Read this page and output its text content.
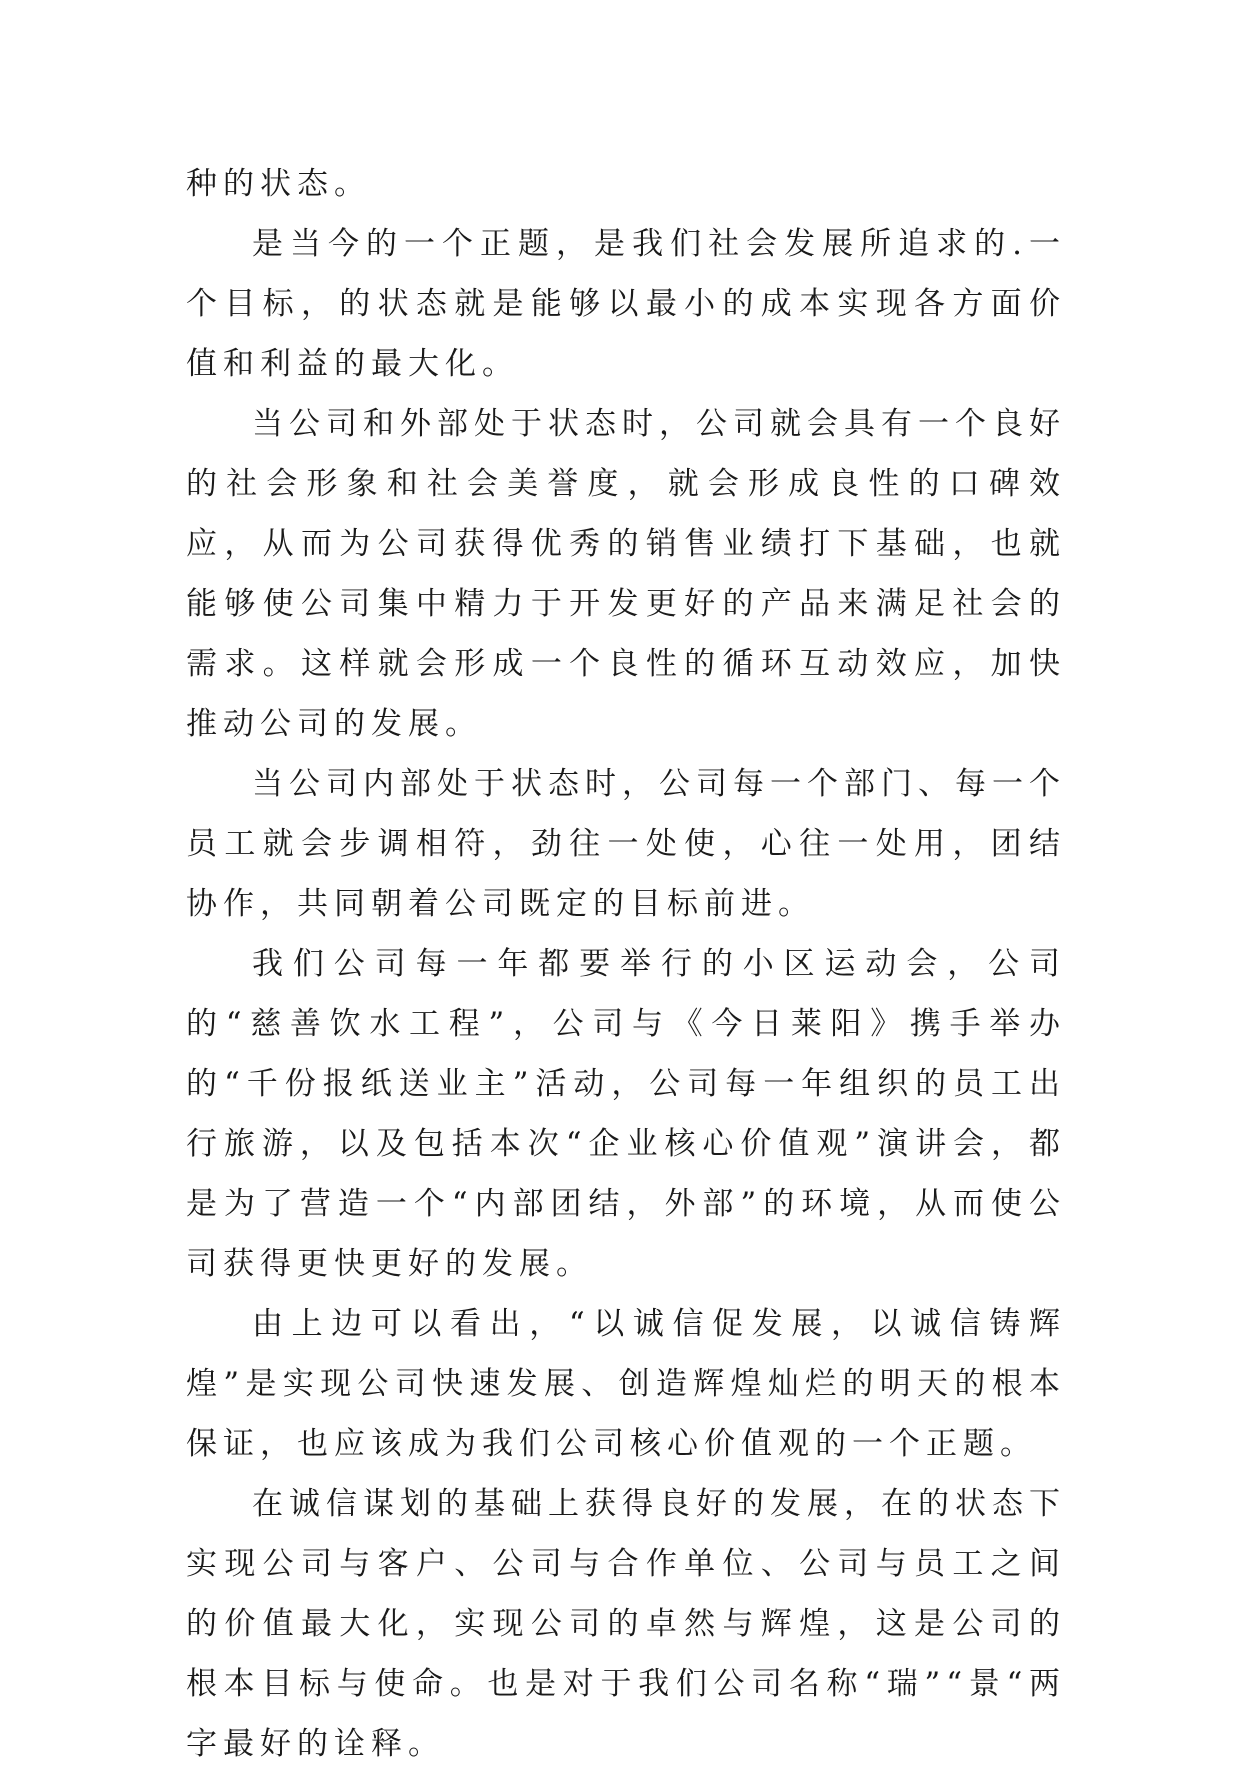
种的状态。

是当今的一个正题，是我们社会发展所追求的.一个目标，的状态就是能够以最小的成本实现各方面价值和利益的最大化。

当公司和外部处于状态时，公司就会具有一个良好的社会形象和社会美誉度，就会形成良性的口碑效应，从而为公司获得优秀的销售业绩打下基础，也就能够使公司集中精力于开发更好的产品来满足社会的需求。这样就会形成一个良性的循环互动效应，加快推动公司的发展。

当公司内部处于状态时，公司每一个部门、每一个员工就会步调相符，劲往一处使，心往一处用，团结协作，共同朝着公司既定的目标前进。

我们公司每一年都要举行的小区运动会，公司的“慈善饮水工程”，公司与《今日莱阳》携手举办的“千份报纸送业主”活动，公司每一年组织的员工出行旅游，以及包括本次“企业核心价值观”演讲会，都是为了营造一个“内部团结，外部”的环境，从而使公司获得更快更好的发展。

由上边可以看出，“以诚信促发展，以诚信铸辉煌”是实现公司快速发展、创造辉煌灿烂的明天的根本保证，也应该成为我们公司核心价值观的一个正题。

在诚信谋划的基础上获得良好的发展，在的状态下实现公司与客户、公司与合作单位、公司与员工之间的价值最大化，实现公司的卓然与辉煌，这是公司的根本目标与使命。也是对于我们公司名称“瑞”“景“两字最好的诠释。
